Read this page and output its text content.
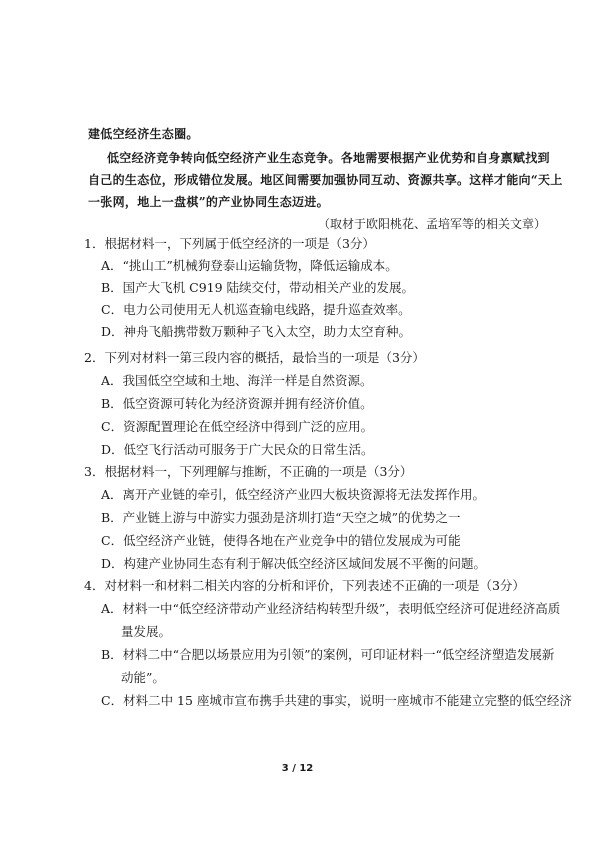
建低空经济生态圈。
低空经济竞争转向低空经济产业生态竞争。各地需要根据产业优势和自身禀赋找到
自己的生态位，形成错位发展。地区间需要加强协同互动、资源共享。这样才能向“天上
一张网，地上一盘棋”的产业协同生态迈进。
（取材于欧阳桃花、孟培军等的相关文章）
1．根据材料一，下列属于低空经济的一项是（3分）
A．“挑山工”机械狗登泰山运输货物，降低运输成本。
B．国产大飞机 C919 陆续交付，带动相关产业的发展。
C．电力公司使用无人机巡查输电线路，提升巡查效率。
D．神舟飞船携带数万颗种子飞入太空，助力太空育种。
2．下列对材料一第三段内容的概括，最恰当的一项是（3分）
A．我国低空空域和土地、海洋一样是自然资源。
B．低空资源可转化为经济资源并拥有经济价值。
C．资源配置理论在低空经济中得到广泛的应用。
D．低空飞行活动可服务于广大民众的日常生活。
3．根据材料一，下列理解与推断，不正确的一项是（3分）
A．离开产业链的牵引，低空经济产业四大板块资源将无法发挥作用。
B．产业链上游与中游实力强劲是济圳打造“天空之城”的优势之一
C．低空经济产业链，使得各地在产业竞争中的错位发展成为可能
D．构建产业协同生态有利于解决低空经济区域间发展不平衡的问题。
4．对材料一和材料二相关内容的分析和评价，下列表述不正确的一项是（3分）
A．材料一中“低空经济带动产业经济结构转型升级”，表明低空经济可促进经济高质
量发展。
B．材料二中“合肥以场景应用为引领”的案例，可印证材料一“低空经济塑造发展新
动能”。
C．材料二中 15 座城市宣布携手共建的事实，说明一座城市不能建立完整的低空经济
3 / 12
